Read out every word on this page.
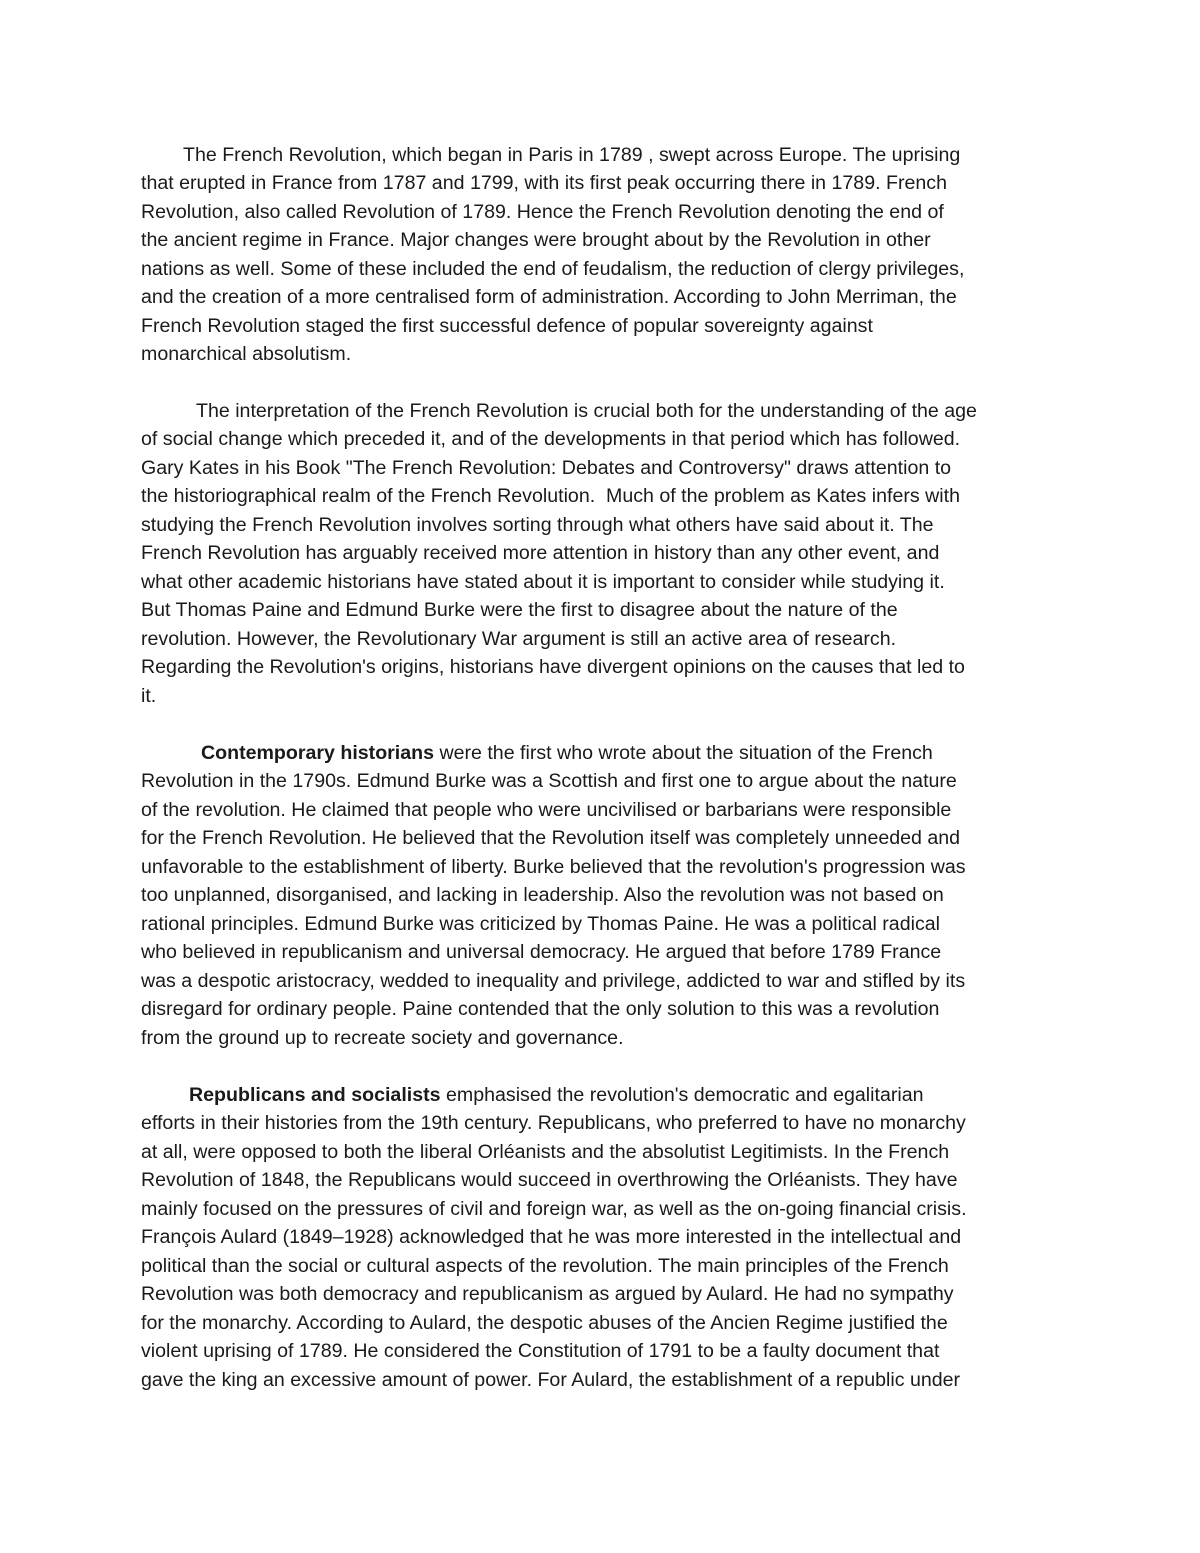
The French Revolution, which began in Paris in 1789 , swept across Europe. The uprising
that erupted in France from 1787 and 1799, with its first peak occurring there in 1789. French
Revolution, also called Revolution of 1789. Hence the French Revolution denoting the end of
the ancient regime in France. Major changes were brought about by the Revolution in other
nations as well. Some of these included the end of feudalism, the reduction of clergy privileges,
and the creation of a more centralised form of administration. According to John Merriman, the
French Revolution staged the first successful defence of popular sovereignty against
monarchical absolutism.
The interpretation of the French Revolution is crucial both for the understanding of the age
of social change which preceded it, and of the developments in that period which has followed.
Gary Kates in his Book "The French Revolution: Debates and Controversy" draws attention to
the historiographical realm of the French Revolution.  Much of the problem as Kates infers with
studying the French Revolution involves sorting through what others have said about it. The
French Revolution has arguably received more attention in history than any other event, and
what other academic historians have stated about it is important to consider while studying it.
But Thomas Paine and Edmund Burke were the first to disagree about the nature of the
revolution. However, the Revolutionary War argument is still an active area of research.
Regarding the Revolution's origins, historians have divergent opinions on the causes that led to
it.
Contemporary historians were the first who wrote about the situation of the French
Revolution in the 1790s. Edmund Burke was a Scottish and first one to argue about the nature
of the revolution. He claimed that people who were uncivilised or barbarians were responsible
for the French Revolution. He believed that the Revolution itself was completely unneeded and
unfavorable to the establishment of liberty. Burke believed that the revolution's progression was
too unplanned, disorganised, and lacking in leadership. Also the revolution was not based on
rational principles. Edmund Burke was criticized by Thomas Paine. He was a political radical
who believed in republicanism and universal democracy. He argued that before 1789 France
was a despotic aristocracy, wedded to inequality and privilege, addicted to war and stifled by its
disregard for ordinary people. Paine contended that the only solution to this was a revolution
from the ground up to recreate society and governance.
Republicans and socialists emphasised the revolution's democratic and egalitarian
efforts in their histories from the 19th century. Republicans, who preferred to have no monarchy
at all, were opposed to both the liberal Orléanists and the absolutist Legitimists. In the French
Revolution of 1848, the Republicans would succeed in overthrowing the Orléanists. They have
mainly focused on the pressures of civil and foreign war, as well as the on-going financial crisis.
François Aulard (1849–1928) acknowledged that he was more interested in the intellectual and
political than the social or cultural aspects of the revolution. The main principles of the French
Revolution was both democracy and republicanism as argued by Aulard. He had no sympathy
for the monarchy. According to Aulard, the despotic abuses of the Ancien Regime justified the
violent uprising of 1789. He considered the Constitution of 1791 to be a faulty document that
gave the king an excessive amount of power. For Aulard, the establishment of a republic under
